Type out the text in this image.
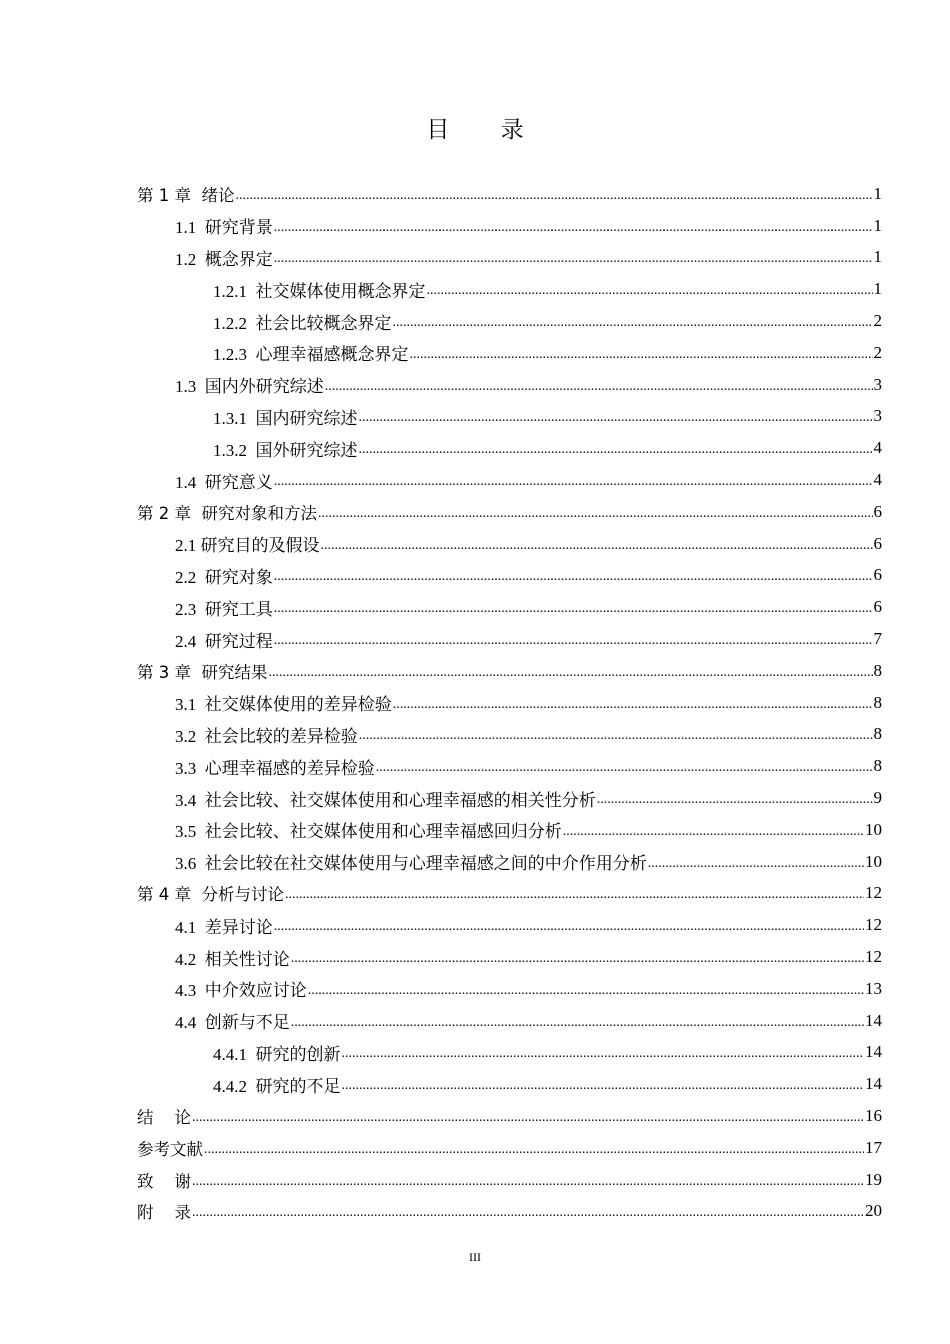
目 录
第 1 章  绪论 .....	1
1.1  研究背景 .....	1
1.2  概念界定 .....	1
1.2.1  社交媒体使用概念界定 .....	1
1.2.2  社会比较概念界定 .....	2
1.2.3  心理幸福感概念界定 .....	2
1.3  国内外研究综述 .....	3
1.3.1  国内研究综述 .....	3
1.3.2  国外研究综述 .....	4
1.4  研究意义 .....	4
第 2 章  研究对象和方法 .....	6
2.1 研究目的及假设 .....	6
2.2  研究对象 .....	6
2.3  研究工具 .....	6
2.4  研究过程 .....	7
第 3 章  研究结果 .....	8
3.1  社交媒体使用的差异检验 .....	8
3.2  社会比较的差异检验 .....	8
3.3  心理幸福感的差异检验 .....	8
3.4  社会比较、社交媒体使用和心理幸福感的相关性分析 .....	9
3.5  社会比较、社交媒体使用和心理幸福感回归分析 .....	10
3.6  社会比较在社交媒体使用与心理幸福感之间的中介作用分析 .....	10
第 4 章  分析与讨论 .....	12
4.1  差异讨论 .....	12
4.2  相关性讨论 .....	12
4.3  中介效应讨论 .....	13
4.4  创新与不足 .....	14
4.4.1  研究的创新 .....	14
4.4.2  研究的不足 .....	14
结    论 .....	16
参考文献 .....	17
致    谢 .....	19
附    录 .....	20
III
